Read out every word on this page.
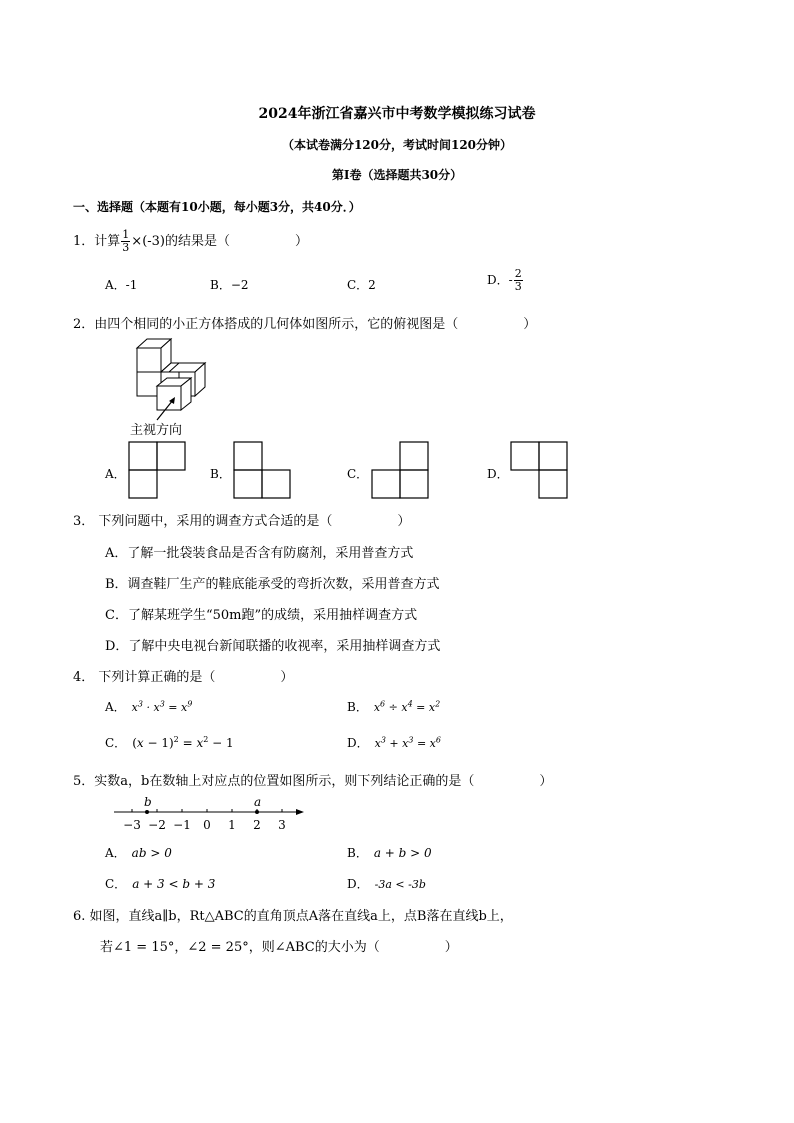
2024年浙江省嘉兴市中考数学模拟练习试卷
（本试卷满分120分，考试时间120分钟）
第Ⅰ卷（选择题共30分）
一、选择题（本题有10小题，每小题3分，共40分．）
1．计算 $\frac{1}{3} \times(-3)$的结果是（　　　　　）
A．-1	B．−2	C．2	D．- $\frac{2}{3}$
2．由四个相同的小正方体搭成的几何体如图所示，它的俯视图是（　　　　　）
主视方向
A．	B．	C．	D．
3． 下列问题中，采用的调查方式合适的是（　　　　　）
A．了解一批袋装食品是否含有防腐剂，采用普查方式
B．调查鞋厂生产的鞋底能承受的弯折次数，采用普查方式
C．了解某班学生“50m跑”的成绩，采用抽样调查方式
D．了解中央电视台新闻联播的收视率，采用抽样调查方式
4． 下列计算正确的是（　　　　　）
A． $x^3 \cdot x^3 = x^9$	B． $x^6 \div x^4 = x^2$
C． $(x - 1)^2 = x^2 - 1$	D． $x^3 + x^3 = x^6$
5．实数a，b在数轴上对应点的位置如图所示，则下列结论正确的是（　　　　　）
−3 −2 −1 0 1 2 3
b	a
A． ab > 0	B． a + b > 0
C． a + 3 < b + 3	D． -3a < -3b
6. 如图，直线a∥b，Rt△ABC的直角顶点A落在直线a上，点B落在直线b上，
若∠1 = 15°，∠2 = 25°，则∠ABC的大小为（　　　　　）
